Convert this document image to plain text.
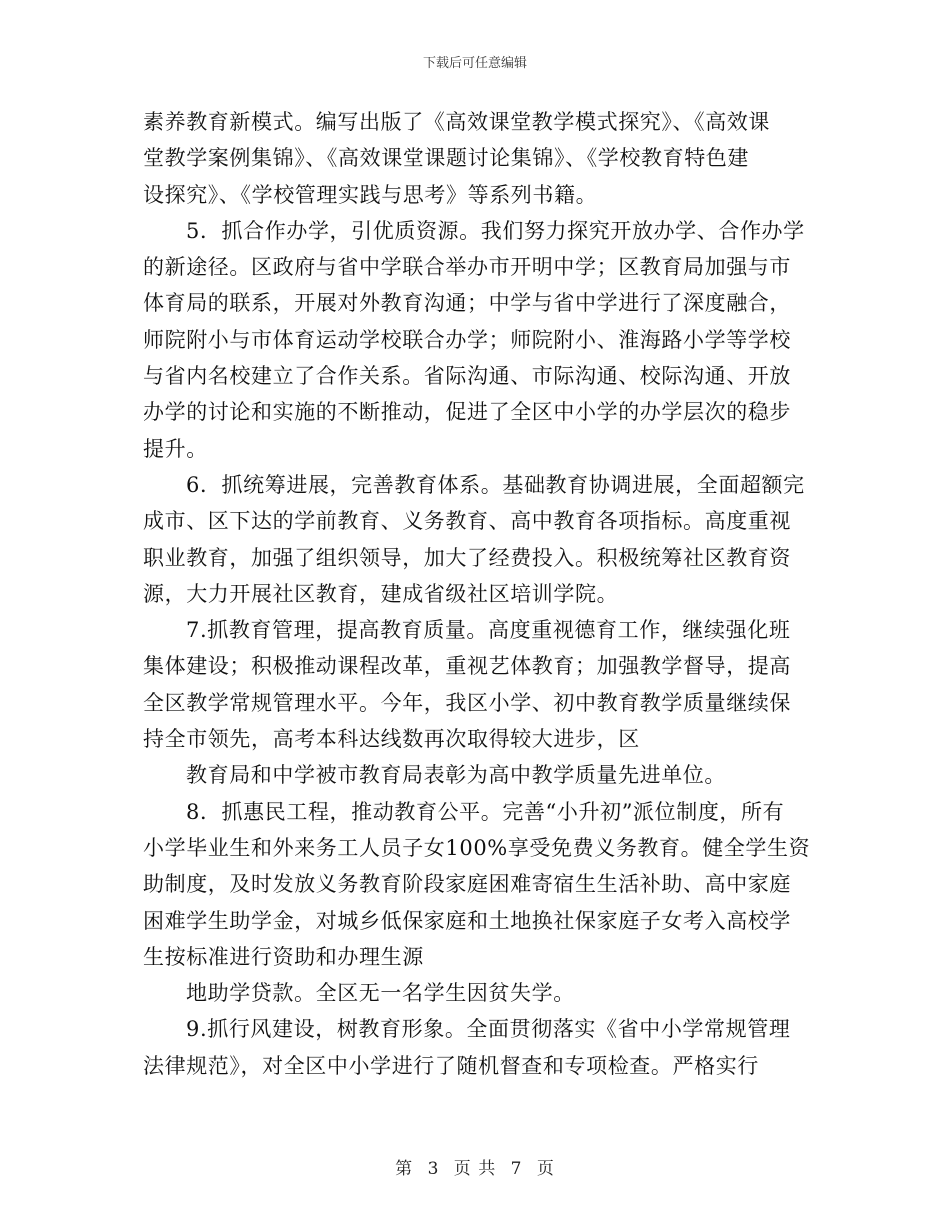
下载后可任意编辑
素养教育新模式。编写出版了《高效课堂教学模式探究》、《高效课
堂教学案例集锦》、《高效课堂课题讨论集锦》、《学校教育特色建
设探究》、《学校管理实践与思考》等系列书籍。
5．抓合作办学，引优质资源。我们努力探究开放办学、合作办学
的新途径。区政府与省中学联合举办市开明中学；区教育局加强与市
体育局的联系，开展对外教育沟通；中学与省中学进行了深度融合，
师院附小与市体育运动学校联合办学；师院附小、淮海路小学等学校
与省内名校建立了合作关系。省际沟通、市际沟通、校际沟通、开放
办学的讨论和实施的不断推动，促进了全区中小学的办学层次的稳步
提升。
6．抓统筹进展，完善教育体系。基础教育协调进展，全面超额完
成市、区下达的学前教育、义务教育、高中教育各项指标。高度重视
职业教育，加强了组织领导，加大了经费投入。积极统筹社区教育资
源，大力开展社区教育，建成省级社区培训学院。
7.抓教育管理，提高教育质量。高度重视德育工作，继续强化班
集体建设；积极推动课程改革，重视艺体教育；加强教学督导，提高
全区教学常规管理水平。今年，我区小学、初中教育教学质量继续保
持全市领先，高考本科达线数再次取得较大进步，区
教育局和中学被市教育局表彰为高中教学质量先进单位。
8．抓惠民工程，推动教育公平。完善“小升初”派位制度，所有
小学毕业生和外来务工人员子女100%享受免费义务教育。健全学生资
助制度，及时发放义务教育阶段家庭困难寄宿生生活补助、高中家庭
困难学生助学金，对城乡低保家庭和土地换社保家庭子女考入高校学
生按标准进行资助和办理生源
地助学贷款。全区无一名学生因贫失学。
9.抓行风建设，树教育形象。全面贯彻落实《省中小学常规管理
法律规范》，对全区中小学进行了随机督查和专项检查。严格实行
第 3 页 共 7 页
